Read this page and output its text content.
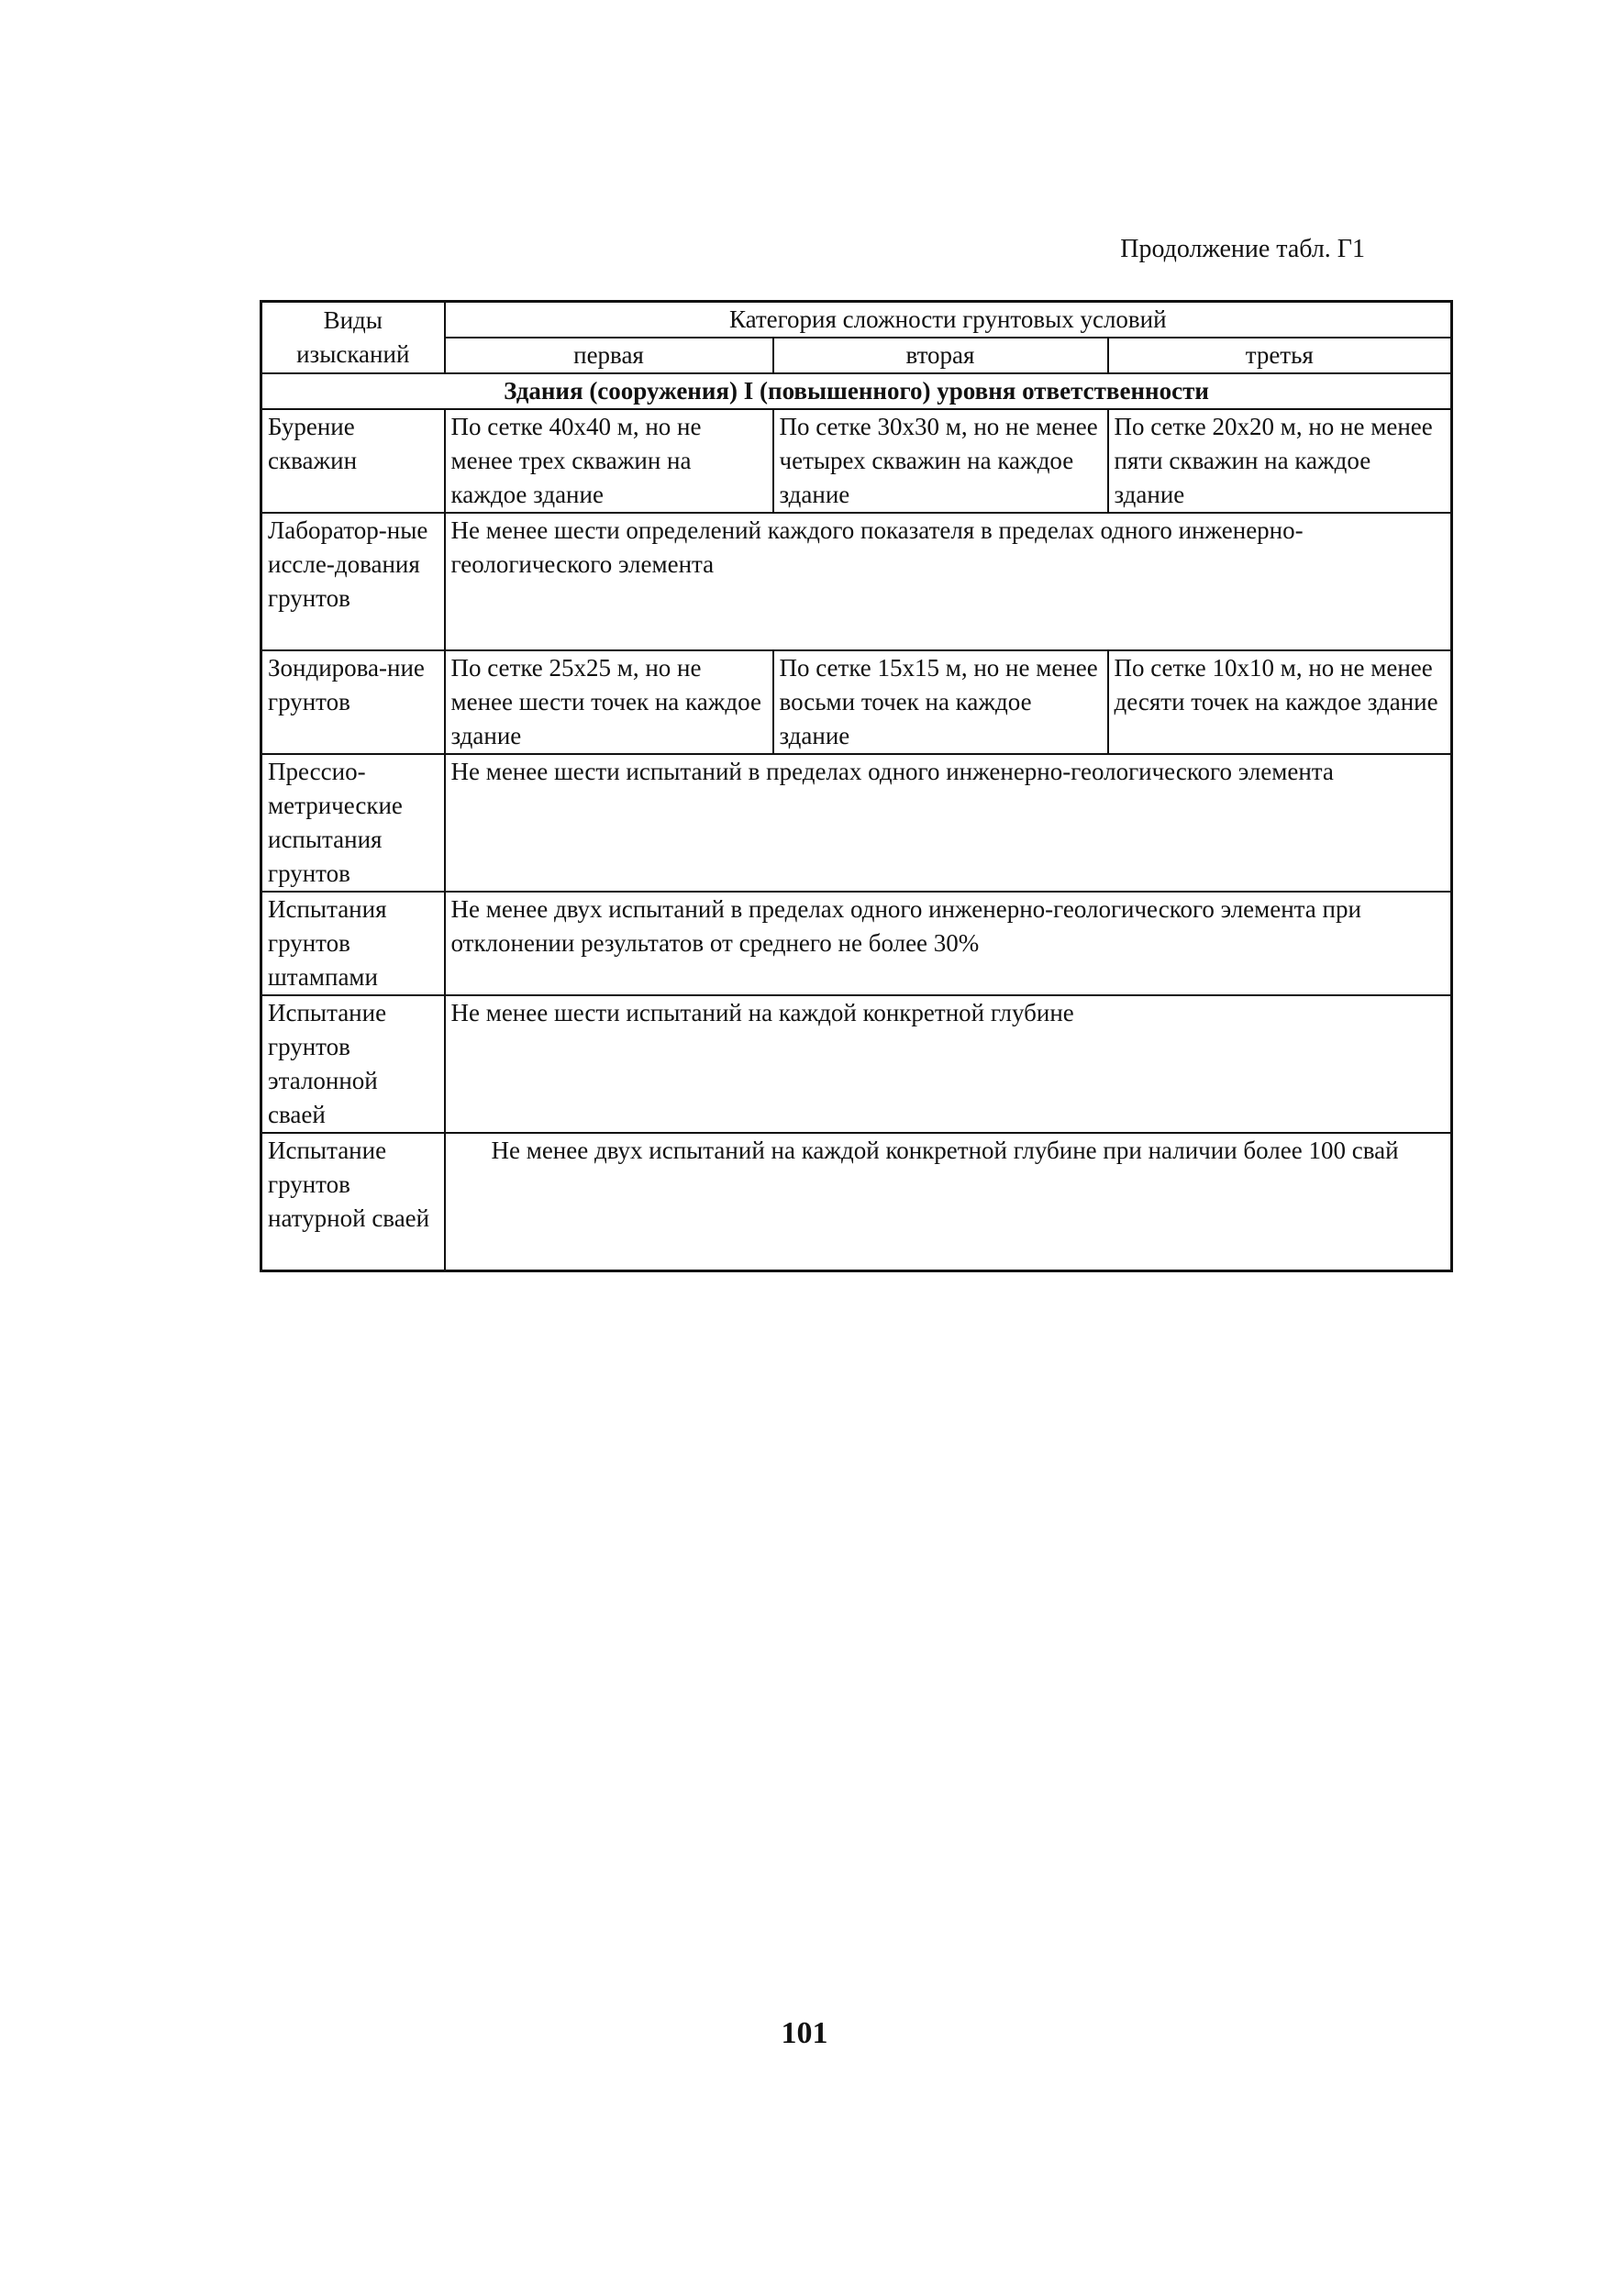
Продолжение табл. Г1
Виды изысканий	Категория сложности грунтовых условий		
	первая	вторая	третья
Здания (сооружения) I (повышенного) уровня ответственности			
Бурение скважин	По сетке 40х40 м, но не менее трех скважин на каждое здание	По сетке 30х30 м, но не менее четырех скважин на каждое здание	По сетке 20х20 м, но не менее пяти скважин на каждое здание
Лаборатор-ные иссле-дования грунтов	Не менее шести определений каждого показателя в пределах одного инженерно-геологического элемента		
Зондирова-ние грунтов	По сетке 25х25 м, но не менее шести точек на каждое здание	По сетке 15х15 м, но не менее восьми точек на каждое здание	По сетке 10х10 м, но не менее десяти точек на каждое здание
Прессио-метрические испытания грунтов	Не менее шести испытаний в пределах одного инженерно-геологического элемента		
Испытания грунтов штампами	Не менее двух испытаний в пределах одного инженерно-геологического элемента при отклонении результатов от среднего не более 30%		
Испытание грунтов эталонной сваей	Не менее шести испытаний на каждой конкретной глубине		
Испытание грунтов натурной сваей	Не менее двух испытаний на каждой конкретной глубине при наличии более 100 свай		
101
